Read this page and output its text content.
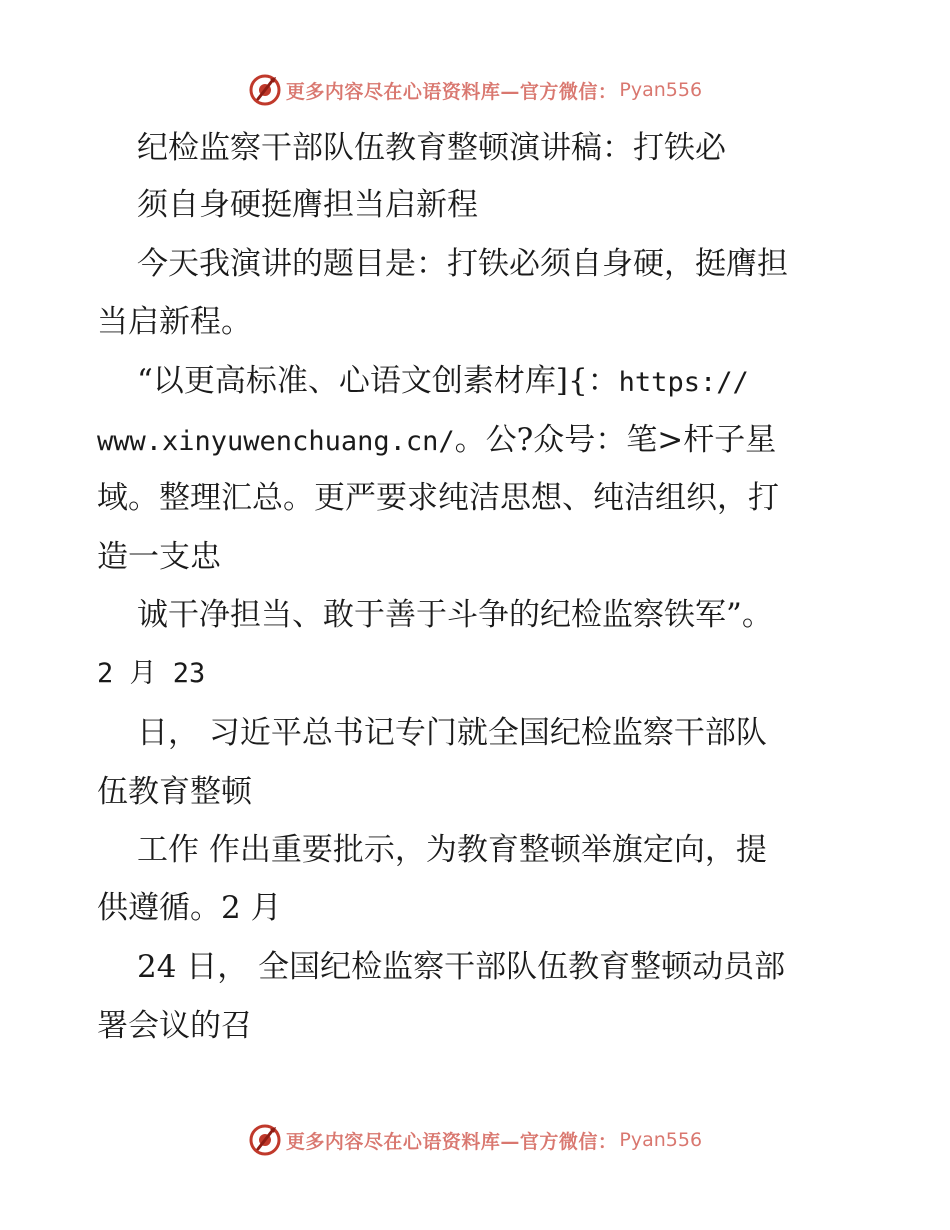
更多内容尽在心语资料库—官方微信： Pyan556
纪检监察干部队伍教育整顿演讲稿：打铁必
须自身硬挺膺担当启新程
今天我演讲的题目是：打铁必须自身硬，挺膺担
当启新程。
“以更高标准、心语文创素材库]{：https://
www.xinyuwenchuang.cn/。公?众号：笔>杆子星
域。整理汇总。更严要求纯洁思想、纯洁组织，打
造一支忠
诚干净担当、敢于善于斗争的纪检监察铁军”。
2 月 23
日， 习近平总书记专门就全国纪检监察干部队
伍教育整顿
工作 作出重要批示，为教育整顿举旗定向，提
供遵循。2 月
24 日， 全国纪检监察干部队伍教育整顿动员部
署会议的召
更多内容尽在心语资料库—官方微信： Pyan556
